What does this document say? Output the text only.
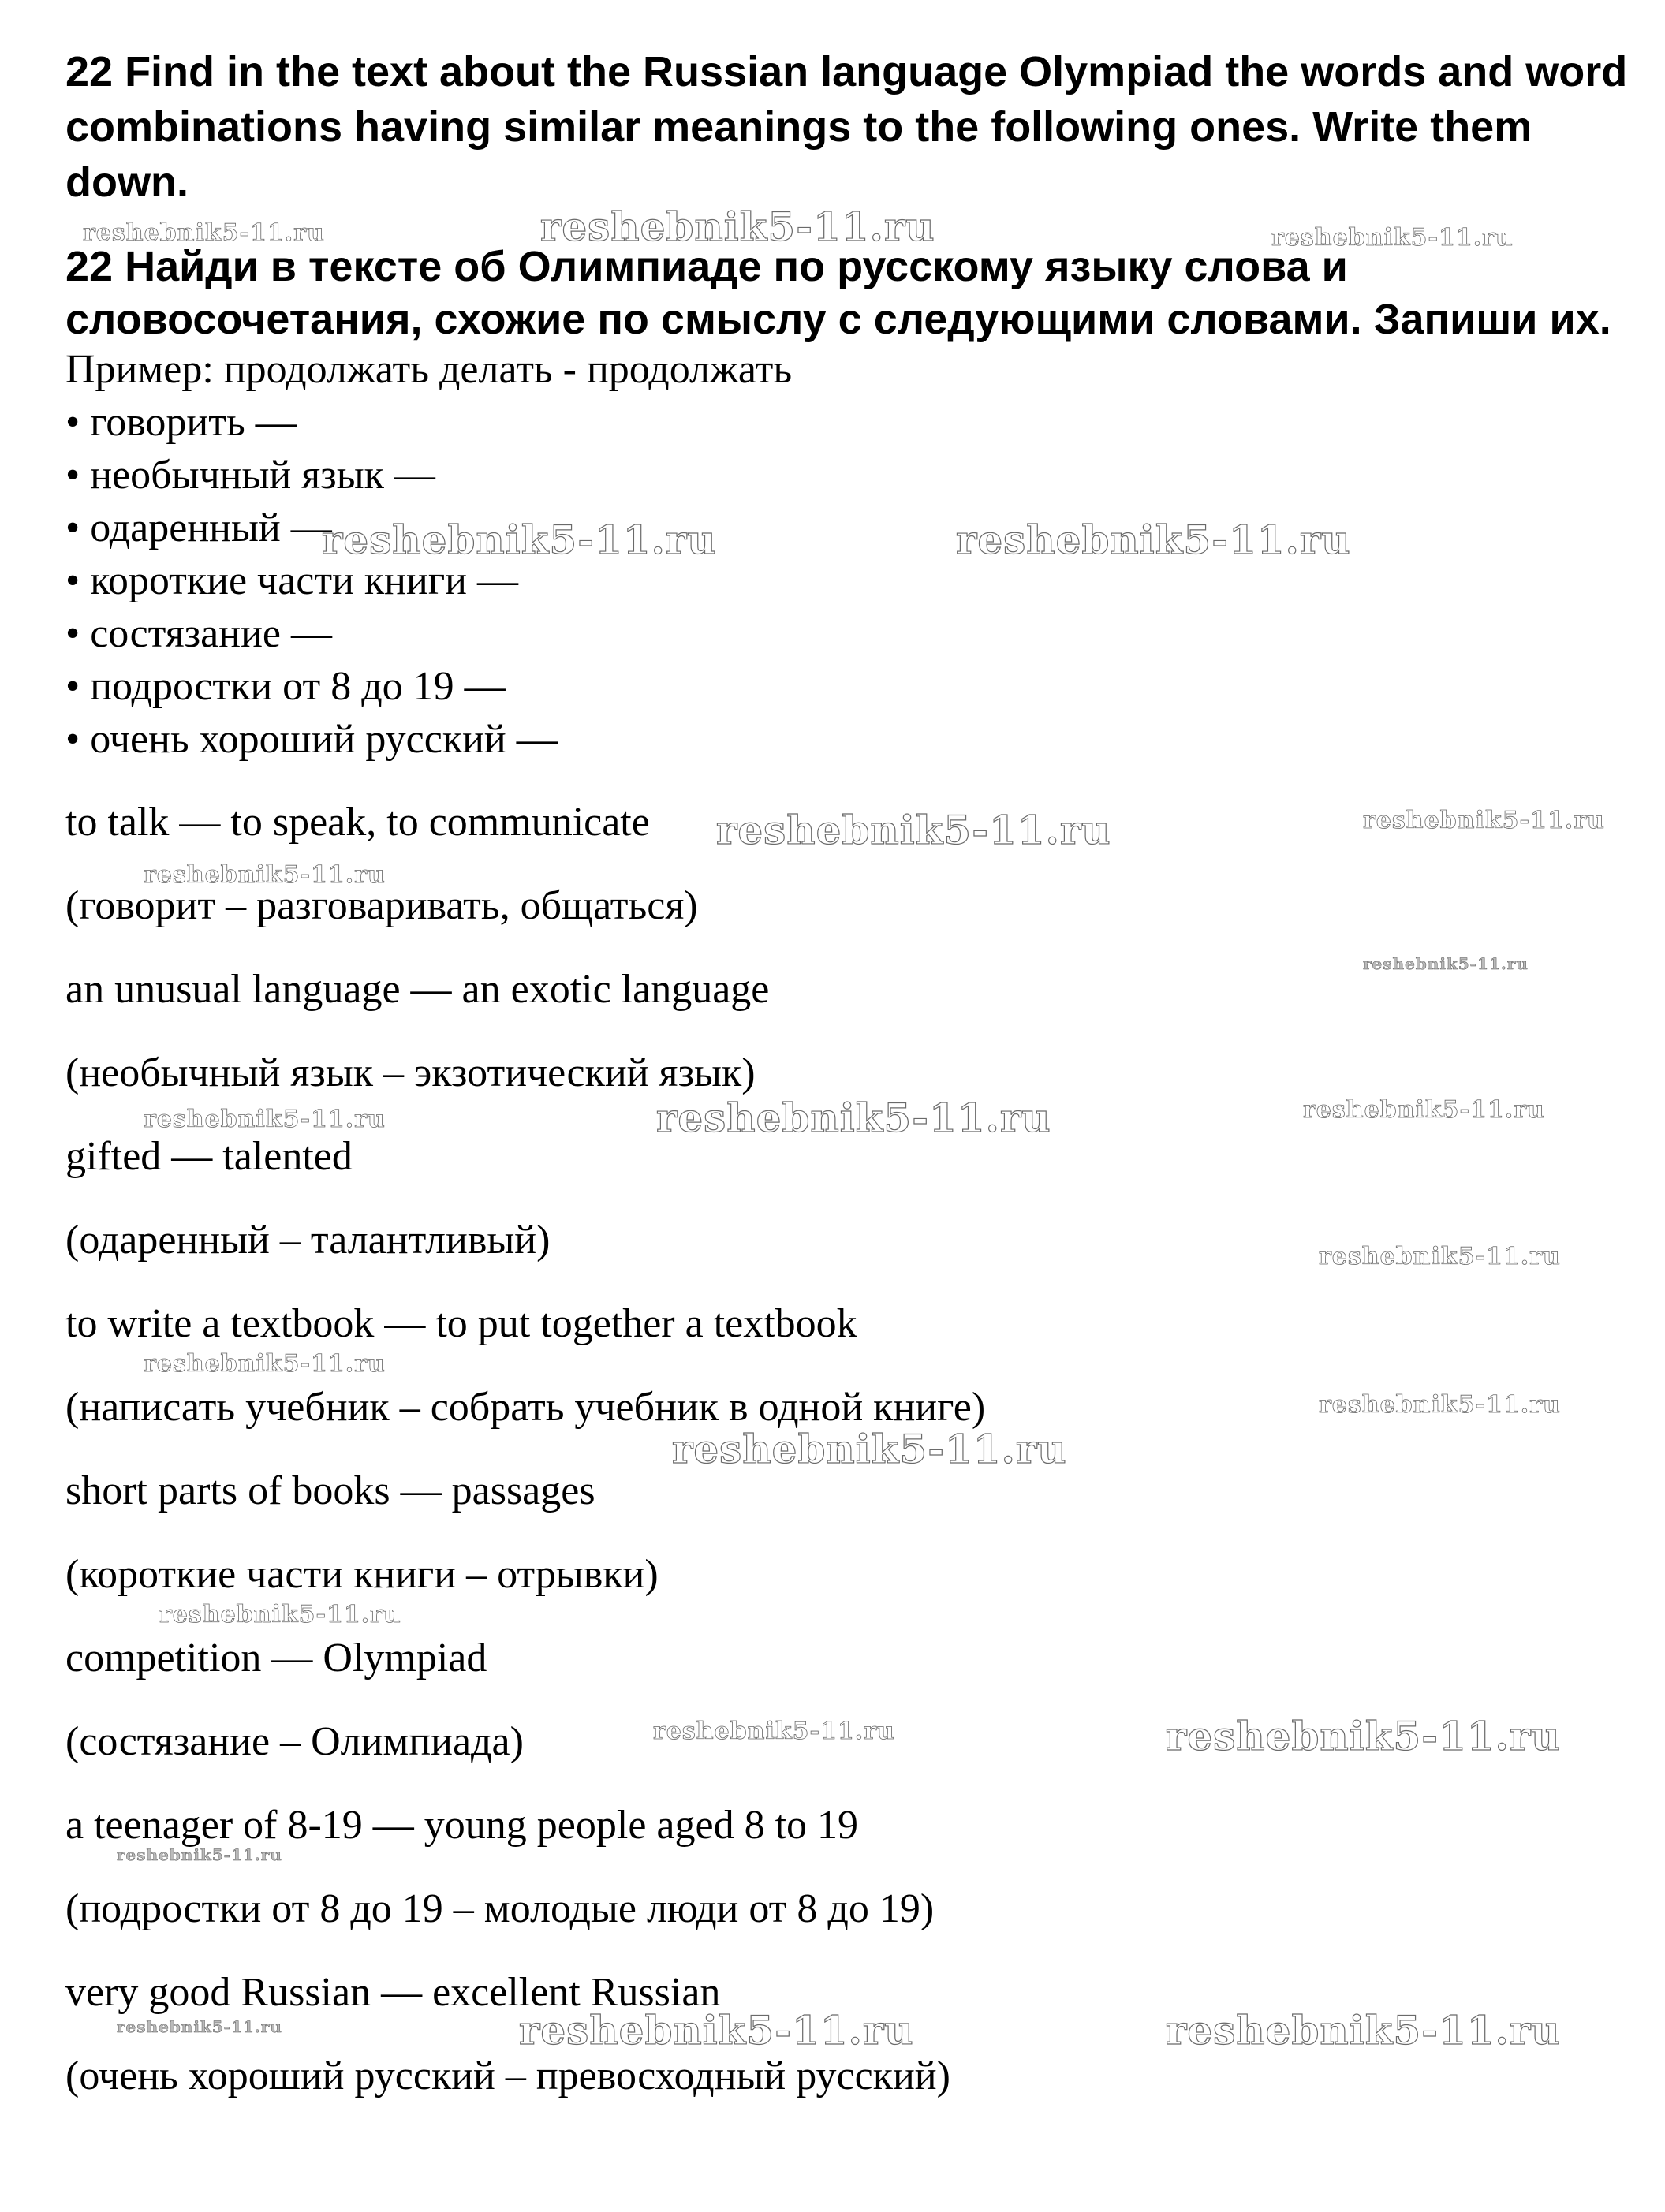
22 Find in the text about the Russian language Olympiad the words and word

combinations having similar meanings to the following ones. Write them

down.

22 Найди в тексте об Олимпиаде по русскому языку слова и

словосочетания, схожие по смыслу с следующими словами. Запиши их.

Пример: продолжать делать - продолжать

• говорить —

• необычный язык —

• одаренный —

• короткие части книги —

• состязание —

• подростки от 8 до 19 —

• очень хороший русский —

to talk — to speak, to communicate

(говорит – разговаривать, общаться)

an unusual language — an exotic language

(необычный язык – экзотический язык)

gifted — talented

(одаренный – талантливый)

to write a textbook — to put together a textbook

(написать учебник – собрать учебник в одной книге)

short parts of books — passages

(короткие части книги – отрывки)

competition — Olympiad

(состязание – Олимпиада)

a teenager of 8-19 — young people aged 8 to 19

(подростки от 8 до 19 – молодые люди от 8 до 19)

very good Russian — excellent Russian

(очень хороший русский – превосходный русский)

reshebnik5-11.ru	reshebnik5-11.ru	reshebnik5-11.ru
reshebnik5-11.ru	reshebnik5-11.ru
reshebnik5-11.ru	reshebnik5-11.ru
reshebnik5-11.ru
reshebnik5-11.ru
reshebnik5-11.ru	reshebnik5-11.ru	reshebnik5-11.ru
reshebnik5-11.ru
reshebnik5-11.ru
reshebnik5-11.ru
reshebnik5-11.ru
reshebnik5-11.ru
reshebnik5-11.ru	reshebnik5-11.ru
reshebnik5-11.ru
reshebnik5-11.ru	reshebnik5-11.ru	reshebnik5-11.ru
